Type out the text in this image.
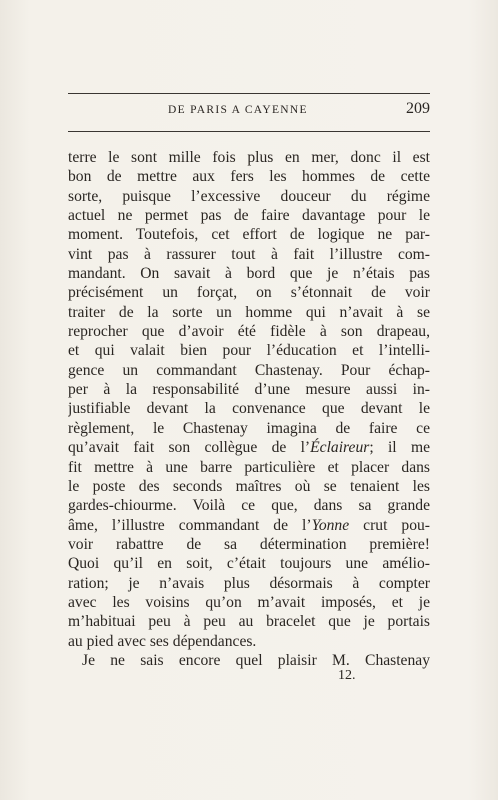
DE PARIS A CAYENNE	209
terre le sont mille fois plus en mer, donc il est
bon de mettre aux fers les hommes de cette
sorte, puisque l’excessive douceur du régime
actuel ne permet pas de faire davantage pour le
moment. Toutefois, cet effort de logique ne par-
vint pas à rassurer tout à fait l’illustre com-
mandant. On savait à bord que je n’étais pas
précisément un forçat, on s’étonnait de voir
traiter de la sorte un homme qui n’avait à se
reprocher que d’avoir été fidèle à son drapeau,
et qui valait bien pour l’éducation et l’intelli-
gence un commandant Chastenay. Pour échap-
per à la responsabilité d’une mesure aussi in-
justifiable devant la convenance que devant le
règlement, le Chastenay imagina de faire ce
qu’avait fait son collègue de l’Éclaireur; il me
fit mettre à une barre particulière et placer dans
le poste des seconds maîtres où se tenaient les
gardes-chiourme. Voilà ce que, dans sa grande
âme, l’illustre commandant de l’Yonne crut pou-
voir rabattre de sa détermination première!
Quoi qu’il en soit, c’était toujours une amélio-
ration; je n’avais plus désormais à compter
avec les voisins qu’on m’avait imposés, et je
m’habituai peu à peu au bracelet que je portais
au pied avec ses dépendances.
Je ne sais encore quel plaisir M. Chastenay
12.
